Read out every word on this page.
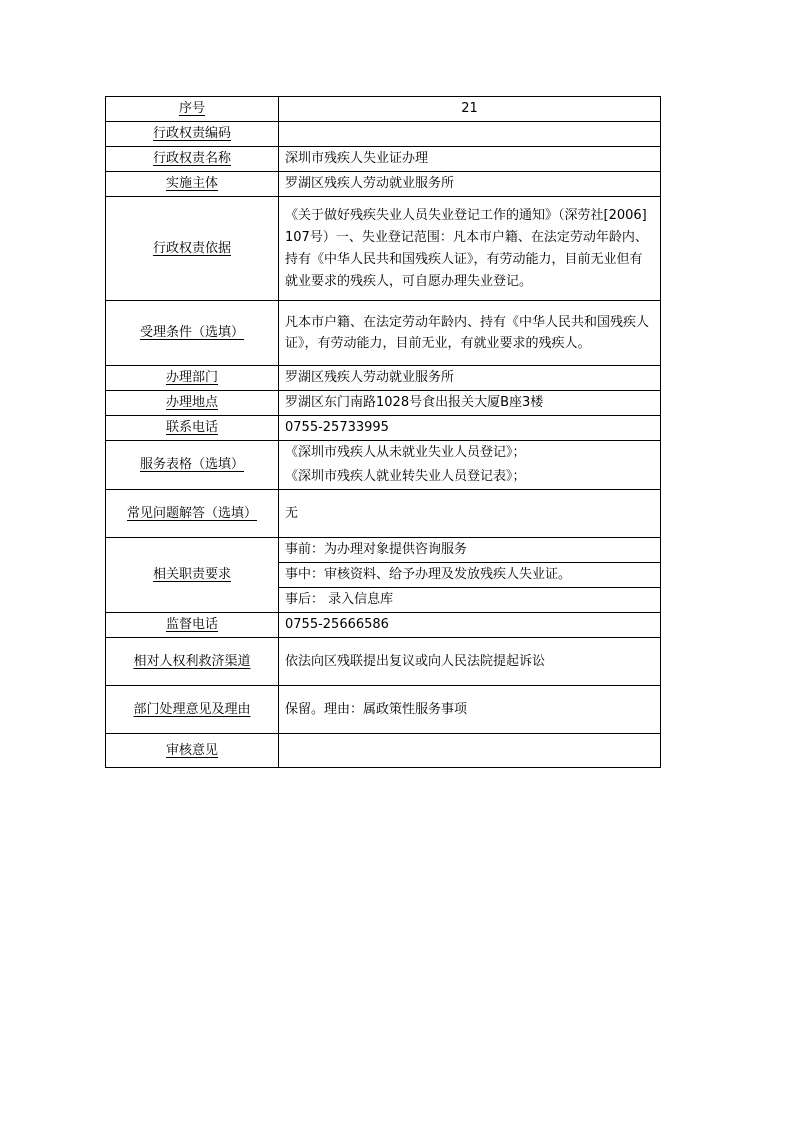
序号	21
行政权责编码	
行政权责名称	深圳市残疾人失业证办理
实施主体	罗湖区残疾人劳动就业服务所
行政权责依据	《关于做好残疾失业人员失业登记工作的通知》（深劳社[2006]107号）一、失业登记范围：凡本市户籍、在法定劳动年龄内、持有《中华人民共和国残疾人证》，有劳动能力，目前无业但有就业要求的残疾人，可自愿办理失业登记。
受理条件（选填）	凡本市户籍、在法定劳动年龄内、持有《中华人民共和国残疾人证》，有劳动能力，目前无业，有就业要求的残疾人。
办理部门	罗湖区残疾人劳动就业服务所
办理地点	罗湖区东门南路1028号食出报关大厦B座3楼
联系电话	0755-25733995
服务表格（选填）	《深圳市残疾人从未就业失业人员登记》；
《深圳市残疾人就业转失业人员登记表》；

常见问题解答（选填）	无
相关职责要求	事前：为办理对象提供咨询服务
	事中：审核资料、给予办理及发放残疾人失业证。
	事后： 录入信息库
监督电话	0755-25666586
相对人权利救济渠道	依法向区残联提出复议或向人民法院提起诉讼
部门处理意见及理由	保留。理由：属政策性服务事项
审核意见	
